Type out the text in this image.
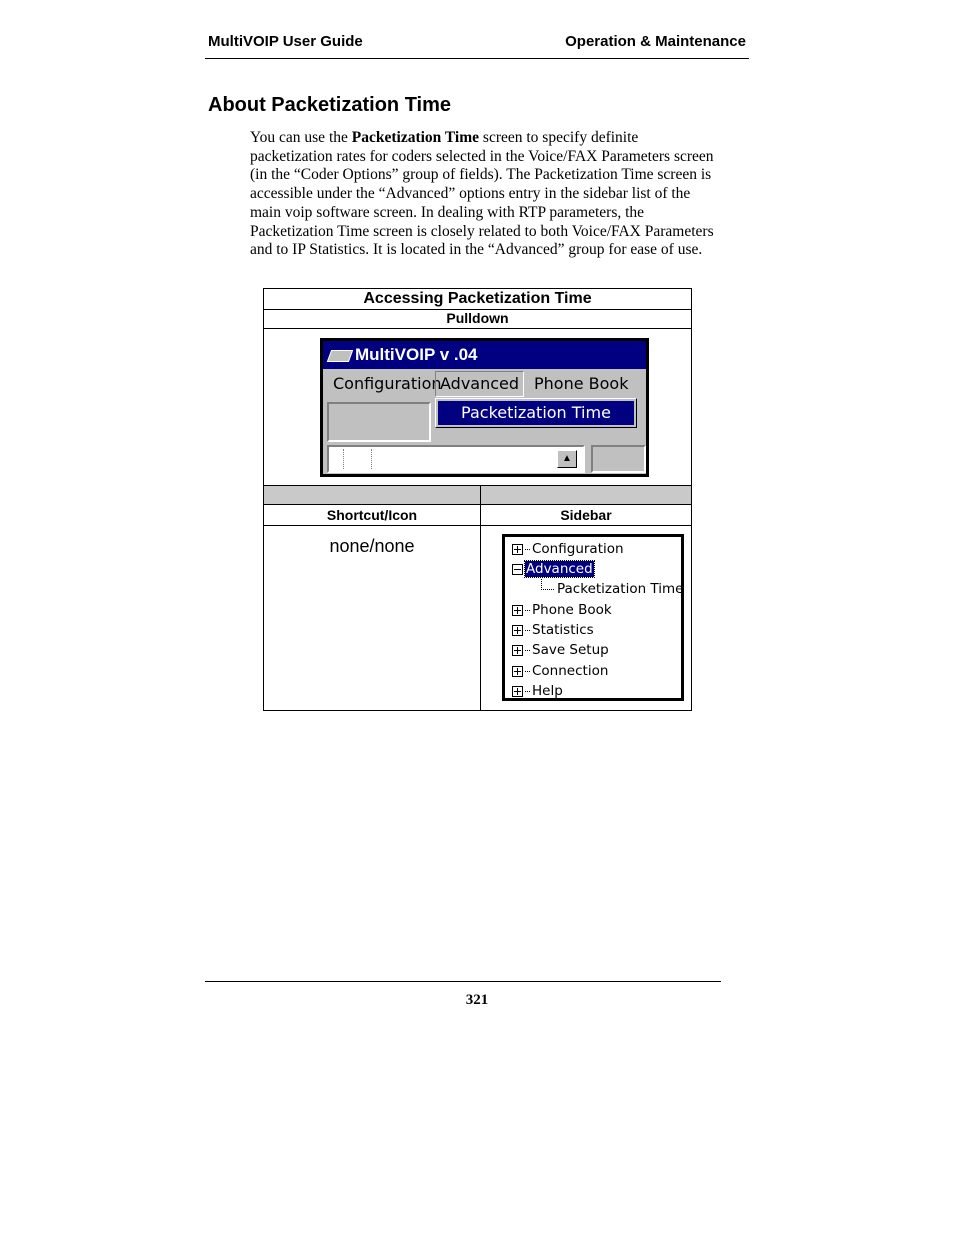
MultiVOIP User Guide	Operation & Maintenance
About Packetization Time
You can use the Packetization Time screen to specify definite packetization rates for coders selected in the Voice/FAX Parameters screen (in the “Coder Options” group of fields). The Packetization Time screen is accessible under the “Advanced” options entry in the sidebar list of the main voip software screen. In dealing with RTP parameters, the Packetization Time screen is closely related to both Voice/FAX Parameters and to IP Statistics. It is located in the “Advanced” group for ease of use.
Accessing Packetization Time
Pulldown
MultiVOIP v .04
Configuration
Advanced Phone Book
Packetization Time
▲
Shortcut/Icon	Sidebar
none/none	Configuration
Advanced
Packetization Time
Phone Book
Statistics
Save Setup
Connection
Help
321
